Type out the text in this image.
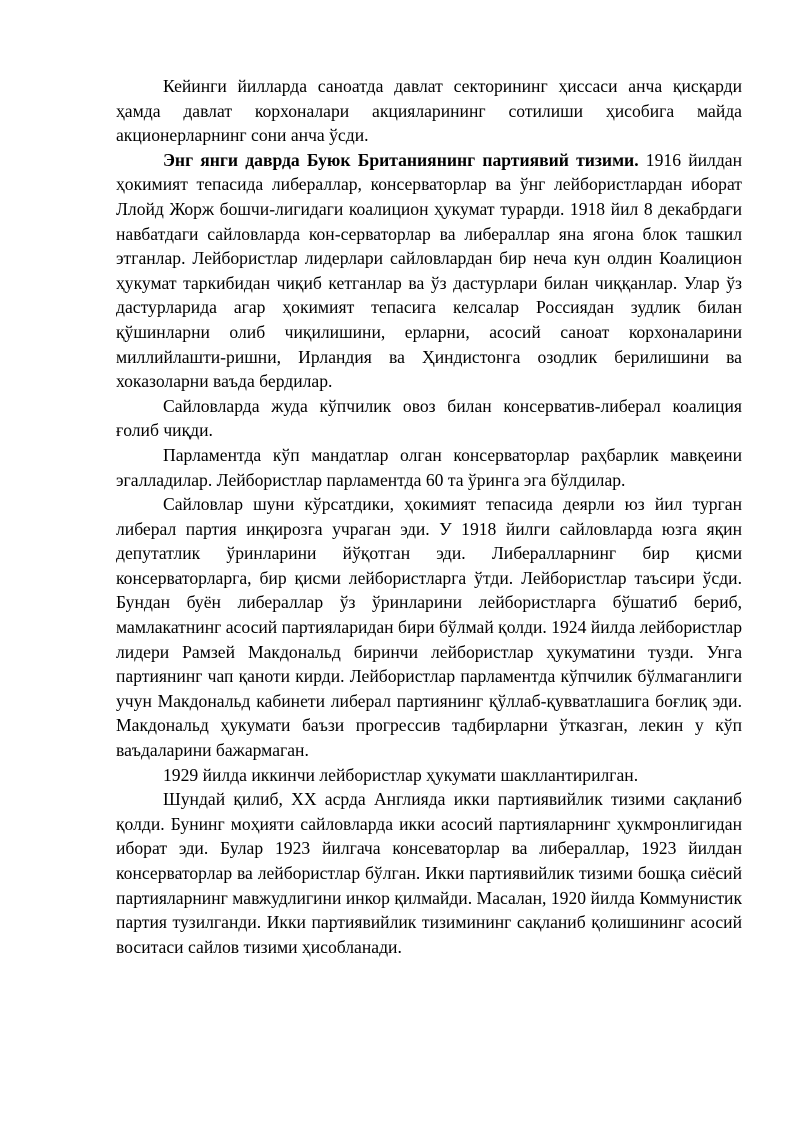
Кейинги йилларда саноатда давлат секторининг ҳиссаси анча қисқарди ҳамда давлат корхоналари акцияларининг сотилиши ҳисобига майда акционерларнинг сони анча ўсди.

Энг янги даврда Буюк Британиянинг партиявий тизими. 1916 йилдан ҳокимият тепасида либераллар, консерваторлар ва ўнг лейбористлардан иборат Ллойд Жорж бошчи-лигидаги коалицион ҳукумат турарди. 1918 йил 8 декабрдаги навбатдаги сайловларда кон-серваторлар ва либераллар яна ягона блок ташкил этганлар. Лейбористлар лидерлари сайловлардан бир неча кун олдин Коалицион ҳукумат таркибидан чиқиб кетганлар ва ўз дастурлари билан чиққанлар. Улар ўз дастурларида агар ҳокимият тепасига келсалар Россиядан зудлик билан қўшинларни олиб чиқилишини, ерларни, асосий саноат корхоналарини миллийлашти-ришни, Ирландия ва Ҳиндистонга озодлик берилишини ва хоказоларни ваъда бердилар.

Сайловларда жуда кўпчилик овоз билан консерватив-либерал коалиция ғолиб чиқди.

Парламентда кўп мандатлар олган консерваторлар раҳбарлик мавқеини эгалладилар. Лейбористлар парламентда 60 та ўринга эга бўлдилар.

Сайловлар шуни кўрсатдики, ҳокимият тепасида деярли юз йил турган либерал партия инқирозга учраган эди. У 1918 йилги сайловларда юзга яқин депутатлик ўринларини йўқотган эди. Либералларнинг бир қисми консерваторларга, бир қисми лейбористларга ўтди. Лейбористлар таъсири ўсди. Бундан буён либераллар ўз ўринларини лейбористларга бўшатиб бериб, мамлакатнинг асосий партияларидан бири бўлмай қолди. 1924 йилда лейбористлар лидери Рамзей Макдональд биринчи лейбористлар ҳукуматини тузди. Унга партиянинг чап қаноти кирди. Лейбористлар парламентда кўпчилик бўлмаганлиги учун Макдональд кабинети либерал партиянинг қўллаб-қувватлашига боғлиқ эди. Макдональд ҳукумати баъзи прогрессив тадбирларни ўтказган, лекин у кўп ваъдаларини бажармаган.

1929 йилда иккинчи лейбористлар ҳукумати шакллантирилган.

Шундай қилиб, XX асрда Англияда икки партиявийлик тизими сақланиб қолди. Бунинг моҳияти сайловларда икки асосий партияларнинг ҳукмронлигидан иборат эди. Булар 1923 йилгача консеваторлар ва либераллар, 1923 йилдан консерваторлар ва лейбористлар бўлган. Икки партиявийлик тизими бошқа сиёсий партияларнинг мавжудлигини инкор қилмайди. Масалан, 1920 йилда Коммунистик партия тузилганди. Икки партиявийлик тизимининг сақланиб қолишининг асосий воситаси сайлов тизими ҳисобланади.
